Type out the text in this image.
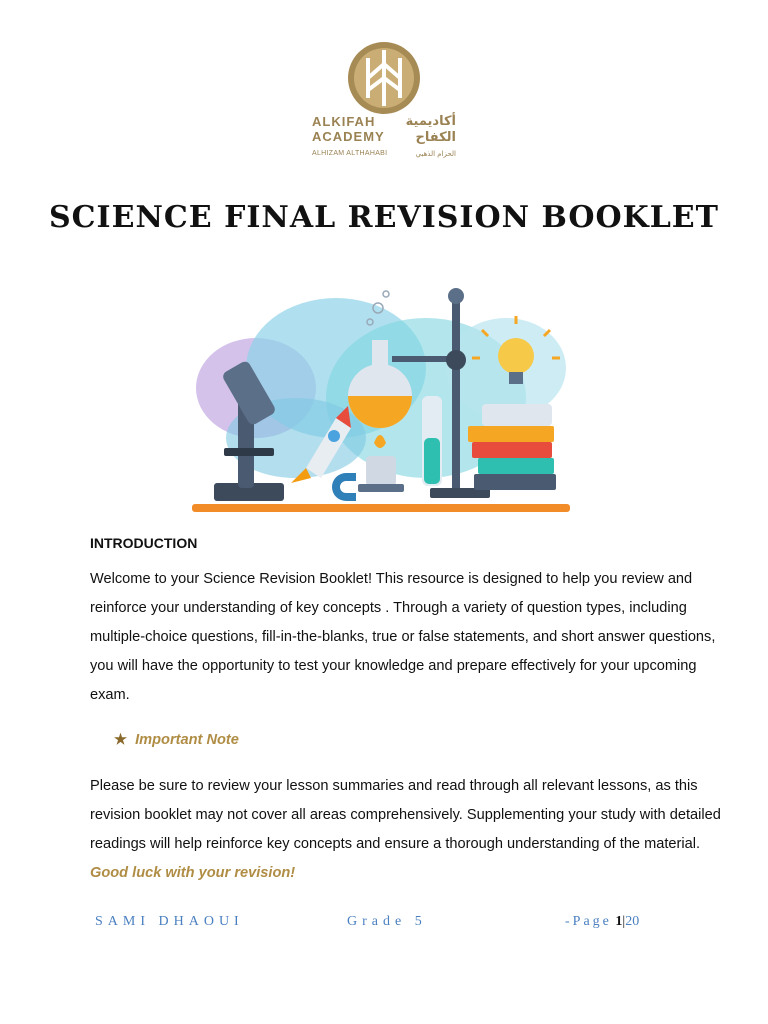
ALKIFAH
ACADEMY
ALHIZAM ALTHAHABI
أكاديمية
الكفاح
الحزام الذهبي
SCIENCE FINAL REVISION BOOKLET
INTRODUCTION
Welcome to your Science Revision Booklet! This resource is designed to help you review and reinforce your understanding of key concepts . Through a variety of question types, including multiple-choice questions, fill-in-the-blanks, true or false statements, and short answer questions, you will have the opportunity to test your knowledge and prepare effectively for your upcoming exam.
★ Important Note
Please be sure to review your lesson summaries and read through all relevant lessons, as this revision booklet may not cover all areas comprehensively. Supplementing your study with detailed readings will help reinforce key concepts and ensure a thorough understanding of the material. Good luck with your revision!
SAMI DHAOUI	Grade 5	-Page 1|20
